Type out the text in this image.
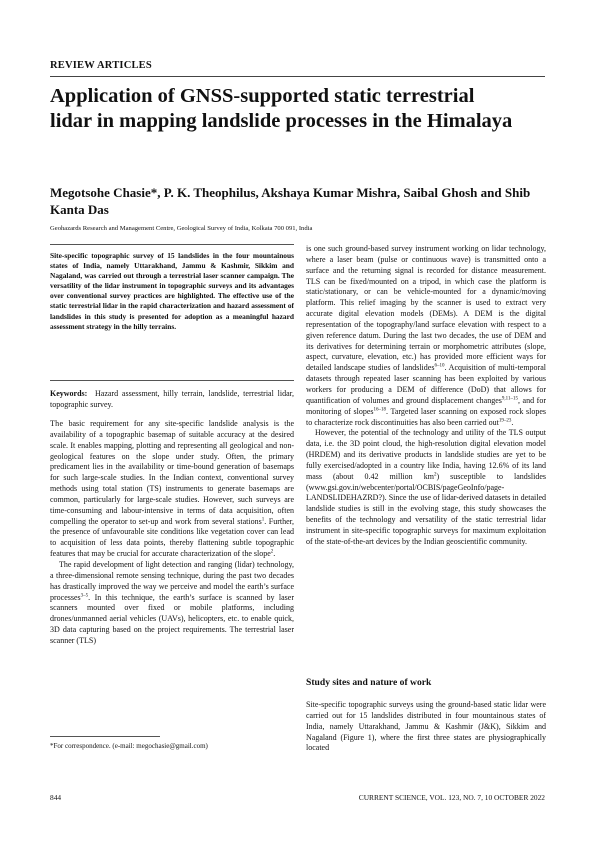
REVIEW ARTICLES
Application of GNSS-supported static terrestrial lidar in mapping landslide processes in the Himalaya
Megotsohe Chasie*, P. K. Theophilus, Akshaya Kumar Mishra, Saibal Ghosh and Shib Kanta Das
Geohazards Research and Management Centre, Geological Survey of India, Kolkata 700 091, India
Site-specific topographic survey of 15 landslides in the four mountainous states of India, namely Uttarakhand, Jammu & Kashmir, Sikkim and Nagaland, was carried out through a terrestrial laser scanner campaign. The versatility of the lidar instrument in topographic surveys and its advantages over conventional survey practices are highlighted. The effective use of the static terrestrial lidar in the rapid characterization and hazard assessment of landslides in this study is presented for adoption as a meaningful hazard assessment strategy in the hilly terrains.
Keywords: Hazard assessment, hilly terrain, landslide, terrestrial lidar, topographic survey.

The basic requirement for any site-specific landslide analysis is the availability of a topographic basemap of suitable accuracy at the desired scale. It enables mapping, plotting and representing all geological and non-geological features on the slope under study. Often, the primary predicament lies in the availability or time-bound generation of basemaps for such large-scale studies. In the Indian context, conventional survey methods using total station (TS) instruments to generate basemaps are common, particularly for large-scale studies. However, such surveys are time-consuming and labour-intensive in terms of data acquisition, often compelling the operator to set-up and work from several stations$^1$. Further, the presence of unfavourable site conditions like vegetation cover can lead to acquisition of less data points, thereby flattening subtle topographic features that may be crucial for accurate characterization of the slope$^2$.

The rapid development of light detection and ranging (lidar) technology, a three-dimensional remote sensing technique, during the past two decades has drastically improved the way we perceive and model the earth’s surface processes$^{3-5}$. In this technique, the earth’s surface is scanned by laser scanners mounted over fixed or mobile platforms, including drones/unmanned aerial vehicles (UAVs), helicopters, etc. to enable quick, 3D data capturing based on the project requirements. The terrestrial laser scanner (TLS)

is one such ground-based survey instrument working on lidar technology, where a laser beam (pulse or continuous wave) is transmitted onto a surface and the returning signal is recorded for distance measurement. TLS can be fixed/mounted on a tripod, in which case the platform is static/stationary, or can be vehicle-mounted for a dynamic/moving platform. This relief imaging by the scanner is used to extract very accurate digital elevation models (DEMs). A DEM is the digital representation of the topography/land surface elevation with respect to a given reference datum. During the last two decades, the use of DEM and its derivatives for determining terrain or morphometric attributes (slope, aspect, curvature, elevation, etc.) has provided more efficient ways for detailed landscape studies of landslides$^{6-10}$. Acquisition of multi-temporal datasets through repeated laser scanning has been exploited by various workers for producing a DEM of difference (DoD) that allows for quantification of volumes and ground displacement changes$^{9,11-15}$, and for monitoring of slopes$^{16-18}$. Targeted laser scanning on exposed rock slopes to characterize rock discontinuities has also been carried out$^{19-23}$.

However, the potential of the technology and utility of the TLS output data, i.e. the 3D point cloud, the high-resolution digital elevation model (HRDEM) and its derivative products in landslide studies are yet to be fully exercised/adopted in a country like India, having 12.6% of its land mass (about 0.42 million $km^2$) susceptible to landslides (www.gsi.gov.in/webcenter/portal/OCBIS/pageGeoInfo/page-LANDSLIDEHAZRD?). Since the use of lidar-derived datasets in detailed landslide studies is still in the evolving stage, this study showcases the benefits of the technology and versatility of the static terrestrial lidar instrument in site-specific topographic surveys for maximum exploitation of the state-of-the-art devices by the Indian geoscientific community.

Study sites and nature of work

Site-specific topographic surveys using the ground-based static lidar were carried out for 15 landslides distributed in four mountainous states of India, namely Uttarakhand, Jammu & Kashmir (J&K), Sikkim and Nagaland (Figure 1), where the first three states are physiographically located

*For correspondence. (e-mail: megochasie@gmail.com)
844	CURRENT SCIENCE, VOL. 123, NO. 7, 10 OCTOBER 2022
